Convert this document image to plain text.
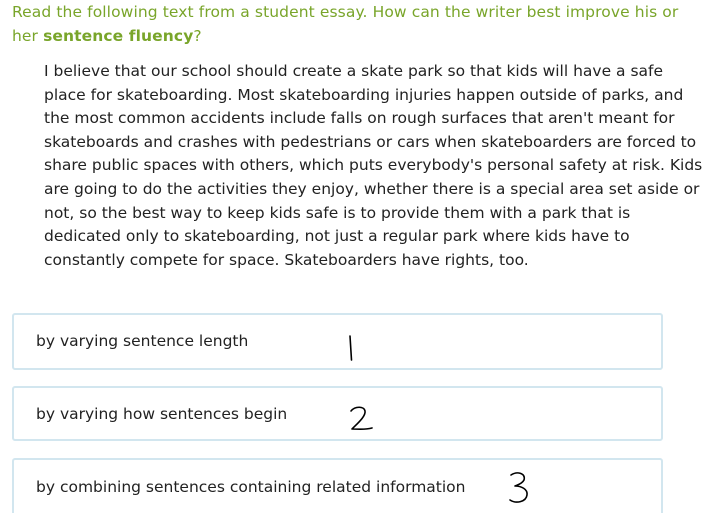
Read the following text from a student essay. How can the writer best improve his or her sentence fluency?

I believe that our school should create a skate park so that kids will have a safe place for skateboarding. Most skateboarding injuries happen outside of parks, and the most common accidents include falls on rough surfaces that aren't meant for skateboards and crashes with pedestrians or cars when skateboarders are forced to share public spaces with others, which puts everybody's personal safety at risk. Kids are going to do the activities they enjoy, whether there is a special area set aside or not, so the best way to keep kids safe is to provide them with a park that is dedicated only to skateboarding, not just a regular park where kids have to constantly compete for space. Skateboarders have rights, too.

by varying sentence length
by varying how sentences begin
by combining sentences containing related information
